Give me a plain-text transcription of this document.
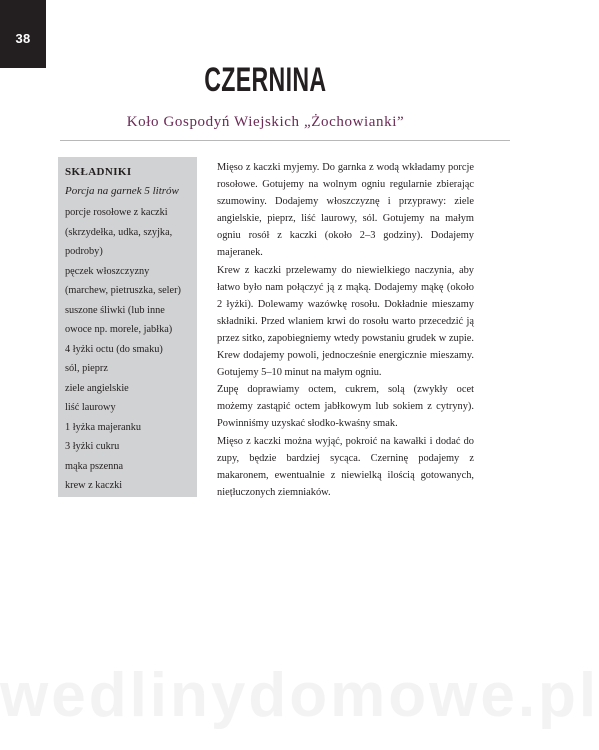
38
CZERNINA
Koło Gospodyń Wiejskich „Żochowianki”
SKŁADNIKI
Porcja na garnek 5 litrów
porcje rosołowe z kaczki
(skrzydełka, udka, szyjka,
podroby)
pęczek włoszczyzny
(marchew, pietruszka, seler)
suszone śliwki (lub inne
owoce np. morele, jabłka)
4 łyżki octu (do smaku)
sól, pieprz
ziele angielskie
liść laurowy
1 łyżka majeranku
3 łyżki cukru
mąka pszenna
krew z kaczki

Mięso z kaczki myjemy. Do garnka z wodą wkładamy porcje rosołowe. Gotujemy na wolnym ogniu regularnie zbierając szumowiny. Dodajemy włoszczyznę i przyprawy: ziele angielskie, pieprz, liść laurowy, sól. Gotujemy na małym ogniu rosół z kaczki (około 2–3 godziny). Dodajemy majeranek.

Krew z kaczki przelewamy do niewielkiego naczynia, aby łatwo było nam połączyć ją z mąką. Dodajemy mąkę (około 2 łyżki). Dolewamy wazówkę rosołu. Dokładnie mieszamy składniki. Przed wlaniem krwi do rosołu warto przecedzić ją przez sitko, zapobiegniemy wtedy powstaniu grudek w zupie. Krew dodajemy powoli, jednocześnie energicznie mieszamy. Gotujemy 5–10 minut na małym ogniu.

Zupę doprawiamy octem, cukrem, solą (zwykły ocet możemy zastąpić octem jabłkowym lub sokiem z cytryny). Powinniśmy uzyskać słodko-kwaśny smak.

Mięso z kaczki można wyjąć, pokroić na kawałki i dodać do zupy, będzie bardziej sycąca. Czerninę podajemy z makaronem, ewentualnie z niewielką ilością gotowanych, niețłuczonych ziemniaków.

wedlinydomowe.pl
